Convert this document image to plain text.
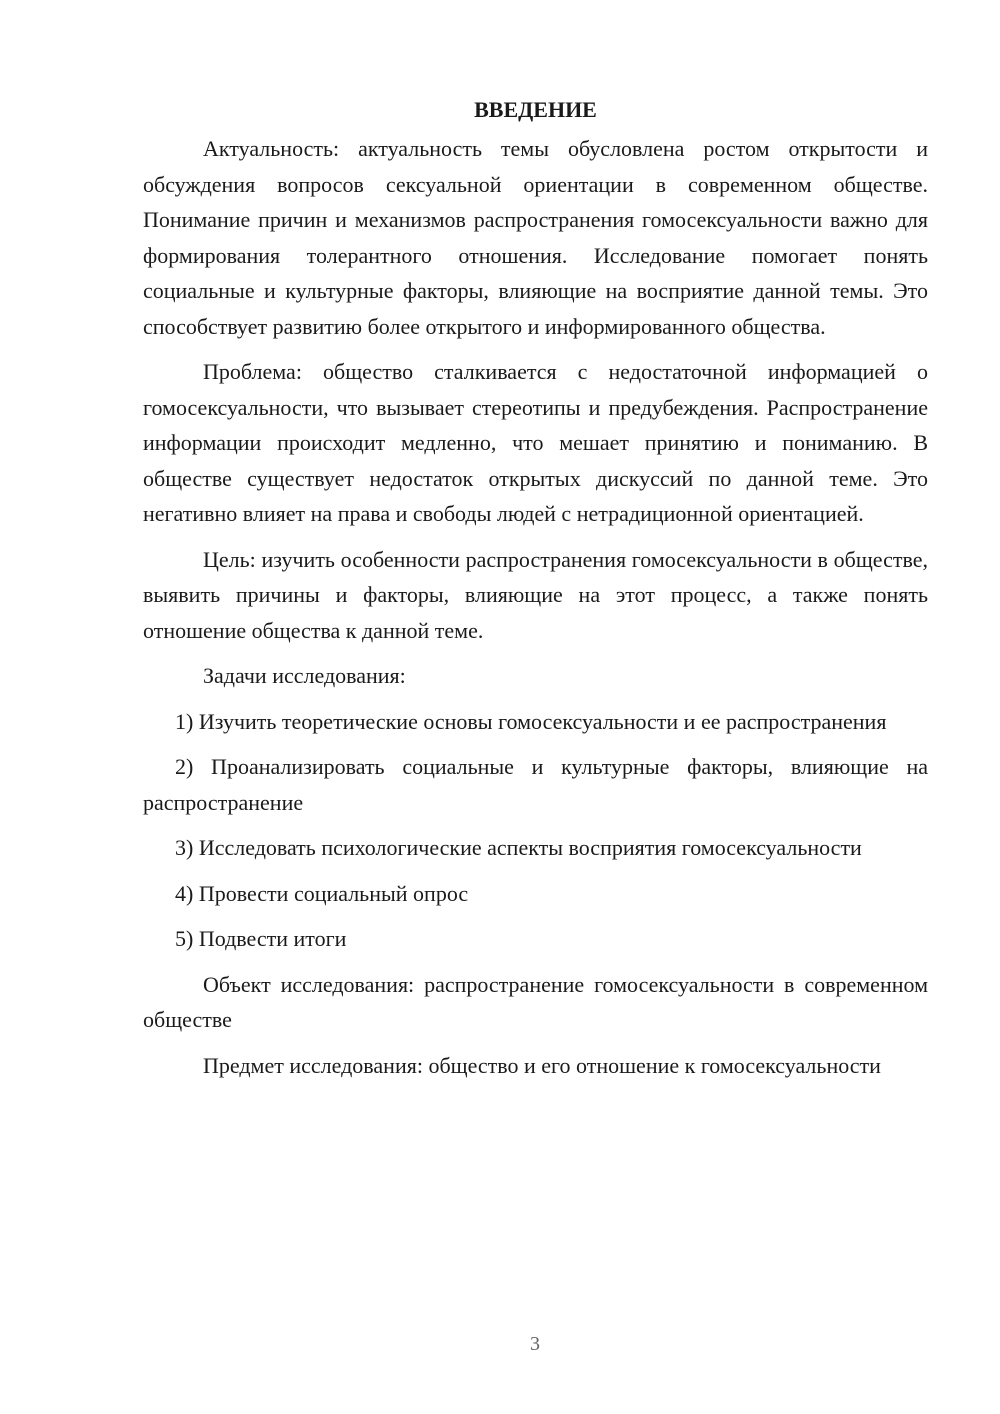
ВВЕДЕНИЕ

Актуальность: актуальность темы обусловлена ростом открытости и обсуждения вопросов сексуальной ориентации в современном обществе. Понимание причин и механизмов распространения гомосексуальности важно для формирования толерантного отношения. Исследование помогает понять социальные и культурные факторы, влияющие на восприятие данной темы. Это способствует развитию более открытого и информированного общества.

Проблема: общество сталкивается с недостаточной информацией о гомосексуальности, что вызывает стереотипы и предубеждения. Распространение информации происходит медленно, что мешает принятию и пониманию. В обществе существует недостаток открытых дискуссий по данной теме. Это негативно влияет на права и свободы людей с нетрадиционной ориентацией.

Цель: изучить особенности распространения гомосексуальности в обществе, выявить причины и факторы, влияющие на этот процесс, а также понять отношение общества к данной теме.

Задачи исследования:

1) Изучить теоретические основы гомосексуальности и ее распространения

2) Проанализировать социальные и культурные факторы, влияющие на распространение

3) Исследовать психологические аспекты восприятия гомосексуальности

4) Провести социальный опрос

5) Подвести итоги

Объект исследования: распространение гомосексуальности в современном обществе

Предмет исследования: общество и его отношение к гомосексуальности

3
